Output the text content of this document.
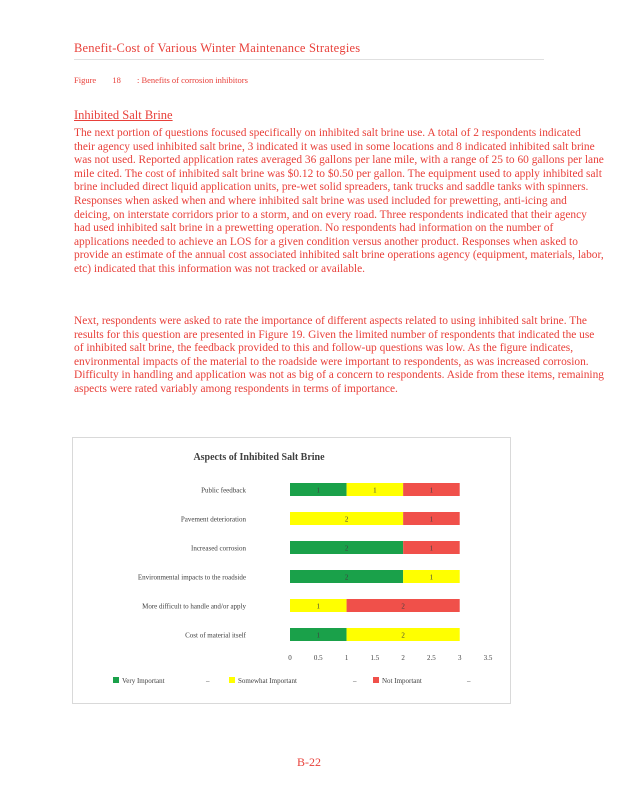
Benefit-Cost of Various Winter Maintenance Strategies
Figure 18 : Benefits of corrosion inhibitors
Inhibited Salt Brine
The next portion of questions focused specifically on inhibited salt brine use. A total of 2 respondents indicated their agency used inhibited salt brine, 3 indicated it was used in some locations and 8 indicated inhibited salt brine was not used. Reported application rates averaged 36 gallons per lane mile, with a range of 25 to 60 gallons per lane mile cited. The cost of inhibited salt brine was $0.12 to $0.50 per gallon. The equipment used to apply inhibited salt brine included direct liquid application units, pre-wet solid spreaders, tank trucks and saddle tanks with spinners. Responses when asked when and where inhibited salt brine was used included for prewetting, anti-icing and deicing, on interstate corridors prior to a storm, and on every road. Three respondents indicated that their agency had used inhibited salt brine in a prewetting operation. No respondents had information on the number of applications needed to achieve an LOS for a given condition versus another product. Responses when asked to provide an estimate of the annual cost associated inhibited salt brine operations agency (equipment, materials, labor, etc) indicated that this information was not tracked or available.
Next, respondents were asked to rate the importance of different aspects related to using inhibited salt brine. The results for this question are presented in Figure 19. Given the limited number of respondents that indicated the use of inhibited salt brine, the feedback provided to this and follow-up questions was low. As the figure indicates, environmental impacts of the material to the roadside were important to respondents, as was increased corrosion. Difficulty in handling and application was not as big of a concern to respondents. Aside from these items, remaining aspects were rated variably among respondents in terms of importance.
Aspects of Inhibited Salt Brine
Public feedback	1	1	1
Pavement deterioration	2	1
Increased corrosion	2	1
Environmental impacts to the roadside	2	1
More difficult to handle and/or apply	1	2
Cost of material itself	1	2
0	0.5	1	1.5	2	2.5	3	3.5
Very Important	Somewhat Important	Not Important
–	–	–
B-22
